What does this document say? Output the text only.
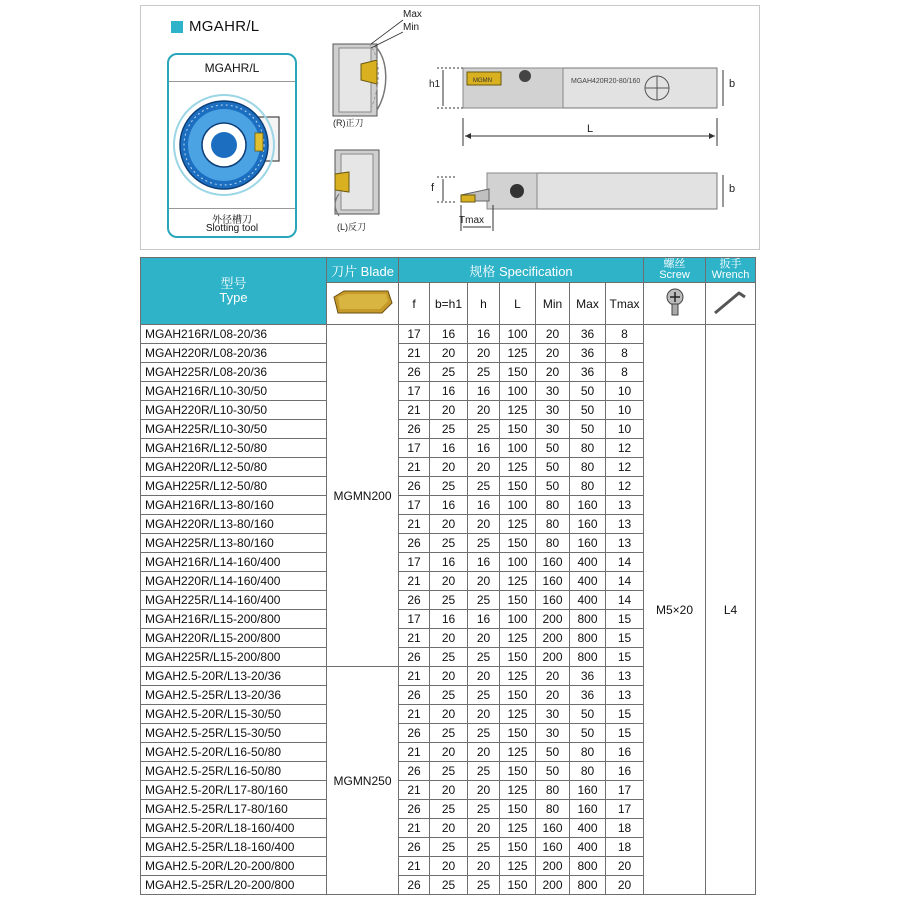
MGAHR/L
MGAHR/L
外径槽刀
Slotting tool
Max
Min
(R)正刀
(L)反刀
MGMN
h1	b
L
MGAH420R20-80/160
f	b
Tmax
型号
Type	刀片 Blade	规格 Specification							螺丝
Screw	扳手
Wrench

	f	b=h1	h	L	Min	Max	Tmax		
MGAH216R/L08-20/36	MGMN200	17	16	16	100	20	36	8	M5×20	L4
MGAH220R/L08-20/36		21	20	20	125	20	36	8		
MGAH225R/L08-20/36		26	25	25	150	20	36	8		
MGAH216R/L10-30/50		17	16	16	100	30	50	10		
MGAH220R/L10-30/50		21	20	20	125	30	50	10		
MGAH225R/L10-30/50		26	25	25	150	30	50	10		
MGAH216R/L12-50/80		17	16	16	100	50	80	12		
MGAH220R/L12-50/80		21	20	20	125	50	80	12		
MGAH225R/L12-50/80		26	25	25	150	50	80	12		
MGAH216R/L13-80/160		17	16	16	100	80	160	13		
MGAH220R/L13-80/160		21	20	20	125	80	160	13		
MGAH225R/L13-80/160		26	25	25	150	80	160	13		
MGAH216R/L14-160/400		17	16	16	100	160	400	14		
MGAH220R/L14-160/400		21	20	20	125	160	400	14		
MGAH225R/L14-160/400		26	25	25	150	160	400	14		
MGAH216R/L15-200/800		17	16	16	100	200	800	15		
MGAH220R/L15-200/800		21	20	20	125	200	800	15		
MGAH225R/L15-200/800		26	25	25	150	200	800	15		
MGAH2.5-20R/L13-20/36	MGMN250	21	20	20	125	20	36	13		
MGAH2.5-25R/L13-20/36		26	25	25	150	20	36	13		
MGAH2.5-20R/L15-30/50		21	20	20	125	30	50	15		
MGAH2.5-25R/L15-30/50		26	25	25	150	30	50	15		
MGAH2.5-20R/L16-50/80		21	20	20	125	50	80	16		
MGAH2.5-25R/L16-50/80		26	25	25	150	50	80	16		
MGAH2.5-20R/L17-80/160		21	20	20	125	80	160	17		
MGAH2.5-25R/L17-80/160		26	25	25	150	80	160	17		
MGAH2.5-20R/L18-160/400		21	20	20	125	160	400	18		
MGAH2.5-25R/L18-160/400		26	25	25	150	160	400	18		
MGAH2.5-20R/L20-200/800		21	20	20	125	200	800	20		
MGAH2.5-25R/L20-200/800		26	25	25	150	200	800	20		
